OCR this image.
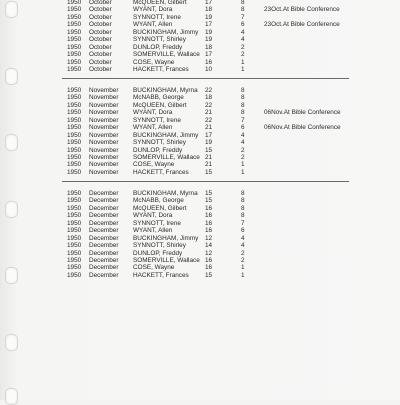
1950 October	McQUEEN, Gilbert	17	8
1950 October	WYANT, Dora	18	8	23Oct.At Bible Conference
1950 October	SYNNOTT, Irene	19	7
1950 October	WYANT, Allen	17	6	23Oct.At Bible Conference
1950 October	BUCKINGHAM, Jimmy 19	4
1950 October	SYNNOTT, Shirley	19	4
1950 October	DUNLOP, Freddy	18	2
1950 October	SOMERVILLE, Wallace 17	2
1950 October	COSE, Wayne	16	1
1950 October	HACKETT, Frances	10	1
1950 November BUCKINGHAM, Myrna 22	8
1950 November McNABB, George	18	8
1950 November McQUEEN, Gilbert	22	8
1950 November WYANT, Dora	21	8	06Nov.At Bible Conference
1950 November SYNNOTT, Irene	22	7
1950 November WYANT, Allen	21	6	06Nov.At Bible Conference
1950 November BUCKINGHAM, Jimmy 17	4
1950 November SYNNOTT, Shirley	19	4
1950 November DUNLOP, Freddy	15	2
1950 November SOMERVILLE, Wallace 21	2
1950 November COSE, Wayne	21	1
1950 November HACKETT, Frances	15	1
1950 December BUCKINGHAM, Myrna 15	8
1950 December McNABB, George	15	8
1950 December McQUEEN, Gilbert	16	8
1950 December WYANT, Dora	16	8
1950 December SYNNOTT, Irene	16	7
1950 December WYANT, Allen	16	6
1950 December BUCKINGHAM, Jimmy 12	4
1950 December SYNNOTT, Shirley	14	4
1950 December DUNLOP, Freddy	12	2
1950 December SOMERVILLE, Wallace 16	2
1950 December COSE, Wayne	16	1
1950 December HACKETT, Frances	15	1
